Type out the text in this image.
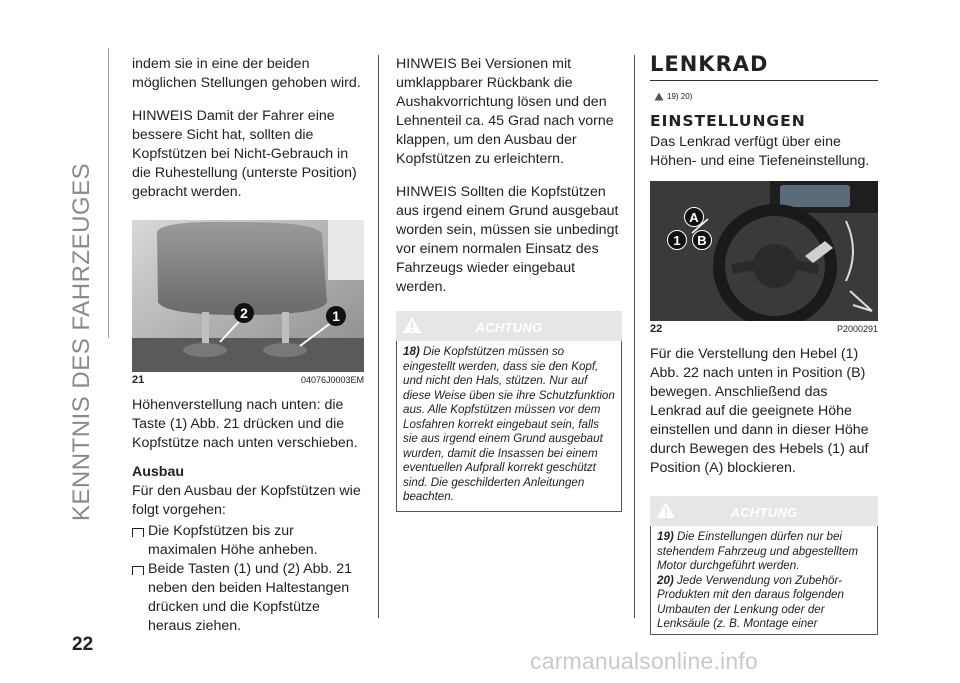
KENNTNIS DES FAHRZEUGES
22

indem sie in eine der beiden möglichen Stellungen gehoben wird.

HINWEIS Damit der Fahrer eine bessere Sicht hat, sollten die Kopfstützen bei Nicht-Gebrauch in die Ruhestellung (unterste Position) gebracht werden.

2	1
21	04076J0003EM

Höhenverstellung nach unten: die Taste (1) Abb. 21 drücken und die Kopfstütze nach unten verschieben.

Ausbau

Für den Ausbau der Kopfstützen wie folgt vorgehen:

Die Kopfstützen bis zur maximalen Höhe anheben.
Beide Tasten (1) und (2) Abb. 21 neben den beiden Haltestangen drücken und die Kopfstütze heraus ziehen.

HINWEIS Bei Versionen mit umklappbarer Rückbank die Aushakvorrichtung lösen und den Lehnenteil ca. 45 Grad nach vorne klappen, um den Ausbau der Kopfstützen zu erleichtern.

HINWEIS Sollten die Kopfstützen aus irgend einem Grund ausgebaut worden sein, müssen sie unbedingt vor einem normalen Einsatz des Fahrzeugs wieder eingebaut werden.

ACHTUNG
18) Die Kopfstützen müssen so eingestellt werden, dass sie den Kopf, und nicht den Hals, stützen. Nur auf diese Weise üben sie ihre Schutzfunktion aus. Alle Kopfstützen müssen vor dem Losfahren korrekt eingebaut sein, falls sie aus irgend einem Grund ausgebaut wurden, damit die Insassen bei einem eventuellen Aufprall korrekt geschützt sind. Die geschilderten Anleitungen beachten.
LENKRAD
19) 20)
EINSTELLUNGEN

Das Lenkrad verfügt über eine Höhen- und eine Tiefeneinstellung.

A
1 B
22	P2000291

Für die Verstellung den Hebel (1) Abb. 22 nach unten in Position (B) bewegen. Anschließend das Lenkrad auf die geeignete Höhe einstellen und dann in dieser Höhe durch Bewegen des Hebels (1) auf Position (A) blockieren.

ACHTUNG
19) Die Einstellungen dürfen nur bei stehendem Fahrzeug und abgestelltem Motor durchgeführt werden.
20) Jede Verwendung von Zubehör-Produkten mit den daraus folgenden Umbauten der Lenkung oder der Lenksäule (z. B. Montage einer
carmanualsonline.info
